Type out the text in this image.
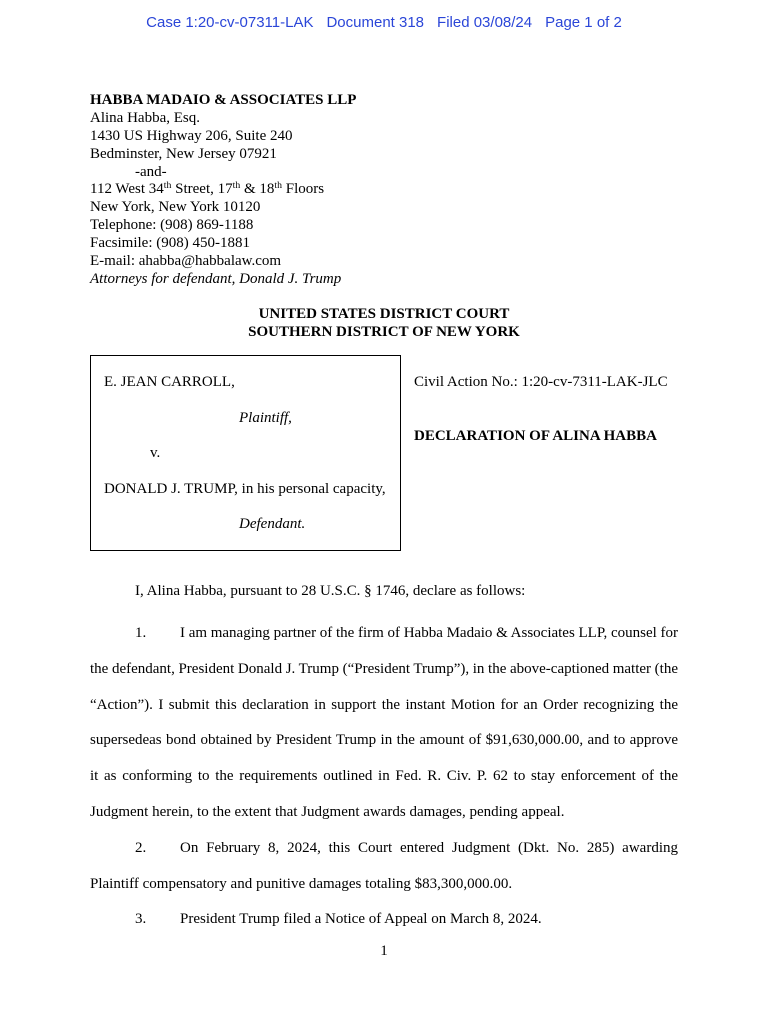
Case 1:20-cv-07311-LAK Document 318 Filed 03/08/24 Page 1 of 2
HABBA MADAIO & ASSOCIATES LLP
Alina Habba, Esq.
1430 US Highway 206, Suite 240
Bedminster, New Jersey 07921
-and-
112 West 34th Street, 17th & 18th Floors
New York, New York 10120
Telephone: (908) 869-1188
Facsimile: (908) 450-1881
E-mail: ahabba@habbalaw.com
Attorneys for defendant, Donald J. Trump
UNITED STATES DISTRICT COURT
SOUTHERN DISTRICT OF NEW YORK
E. JEAN CARROLL,
Plaintiff,
v.
DONALD J. TRUMP, in his personal capacity,
Defendant.
Civil Action No.: 1:20-cv-7311-LAK-JLC
DECLARATION OF ALINA HABBA
I, Alina Habba, pursuant to 28 U.S.C. § 1746, declare as follows:
1. I am managing partner of the firm of Habba Madaio & Associates LLP, counsel for
the defendant, President Donald J. Trump (“President Trump”), in the above-captioned matter (the
“Action”). I submit this declaration in support the instant Motion for an Order recognizing the
supersedeas bond obtained by President Trump in the amount of $91,630,000.00, and to approve
it as conforming to the requirements outlined in Fed. R. Civ. P. 62 to stay enforcement of the
Judgment herein, to the extent that Judgment awards damages, pending appeal.
2. On February 8, 2024, this Court entered Judgment (Dkt. No. 285) awarding
Plaintiff compensatory and punitive damages totaling $83,300,000.00.
3. President Trump filed a Notice of Appeal on March 8, 2024.
1
